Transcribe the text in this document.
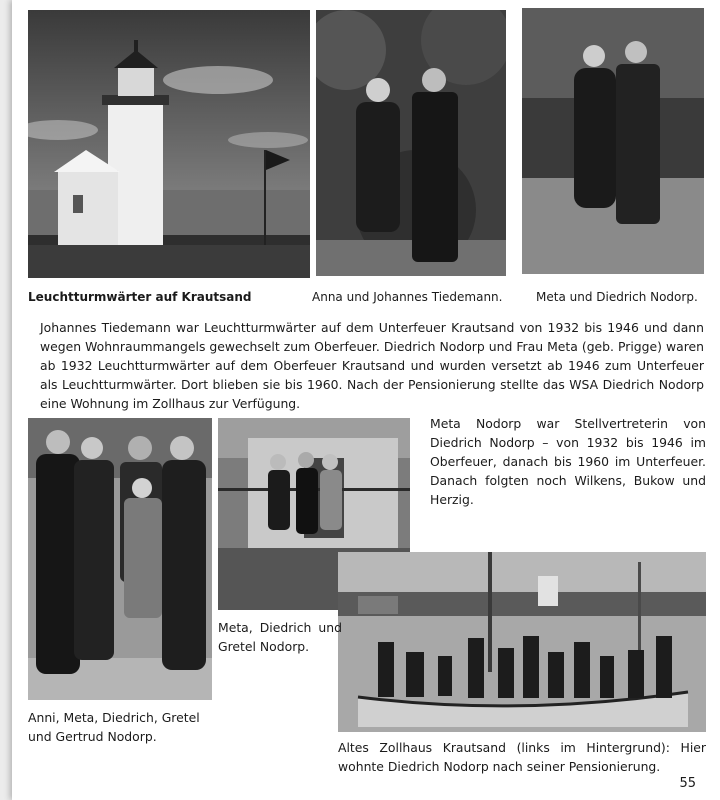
Leuchtturmwärter auf Krautsand	Anna und Johannes Tiedemann.	Meta und Diedrich Nodorp.

Johannes Tiedemann war Leuchtturmwärter auf dem Unterfeuer Krautsand von 1932 bis 1946 und dann wegen Wohnraummangels gewechselt zum Oberfeuer. Diedrich Nodorp und Frau Meta (geb. Prigge) waren ab 1932 Leuchtturmwärter auf dem Oberfeuer Krautsand und wurden versetzt ab 1946 zum Unterfeuer als Leuchtturmwärter. Dort blieben sie bis 1960. Nach der Pensionierung stellte das WSA Diedrich Nodorp eine Wohnung im Zollhaus zur Verfügung.

Meta Nodorp war Stellvertreterin von Diedrich Nodorp – von 1932 bis 1946 im Oberfeuer, danach bis 1960 im Unterfeuer. Danach folgten noch Wilkens, Bukow und Herzig.

Meta, Diedrich und Gretel Nodorp.

Anni, Meta, Diedrich, Gretel und Gertrud Nodorp.

Altes Zollhaus Krautsand (links im Hintergrund): Hier wohnte Diedrich Nodorp nach seiner Pensionierung.

55
